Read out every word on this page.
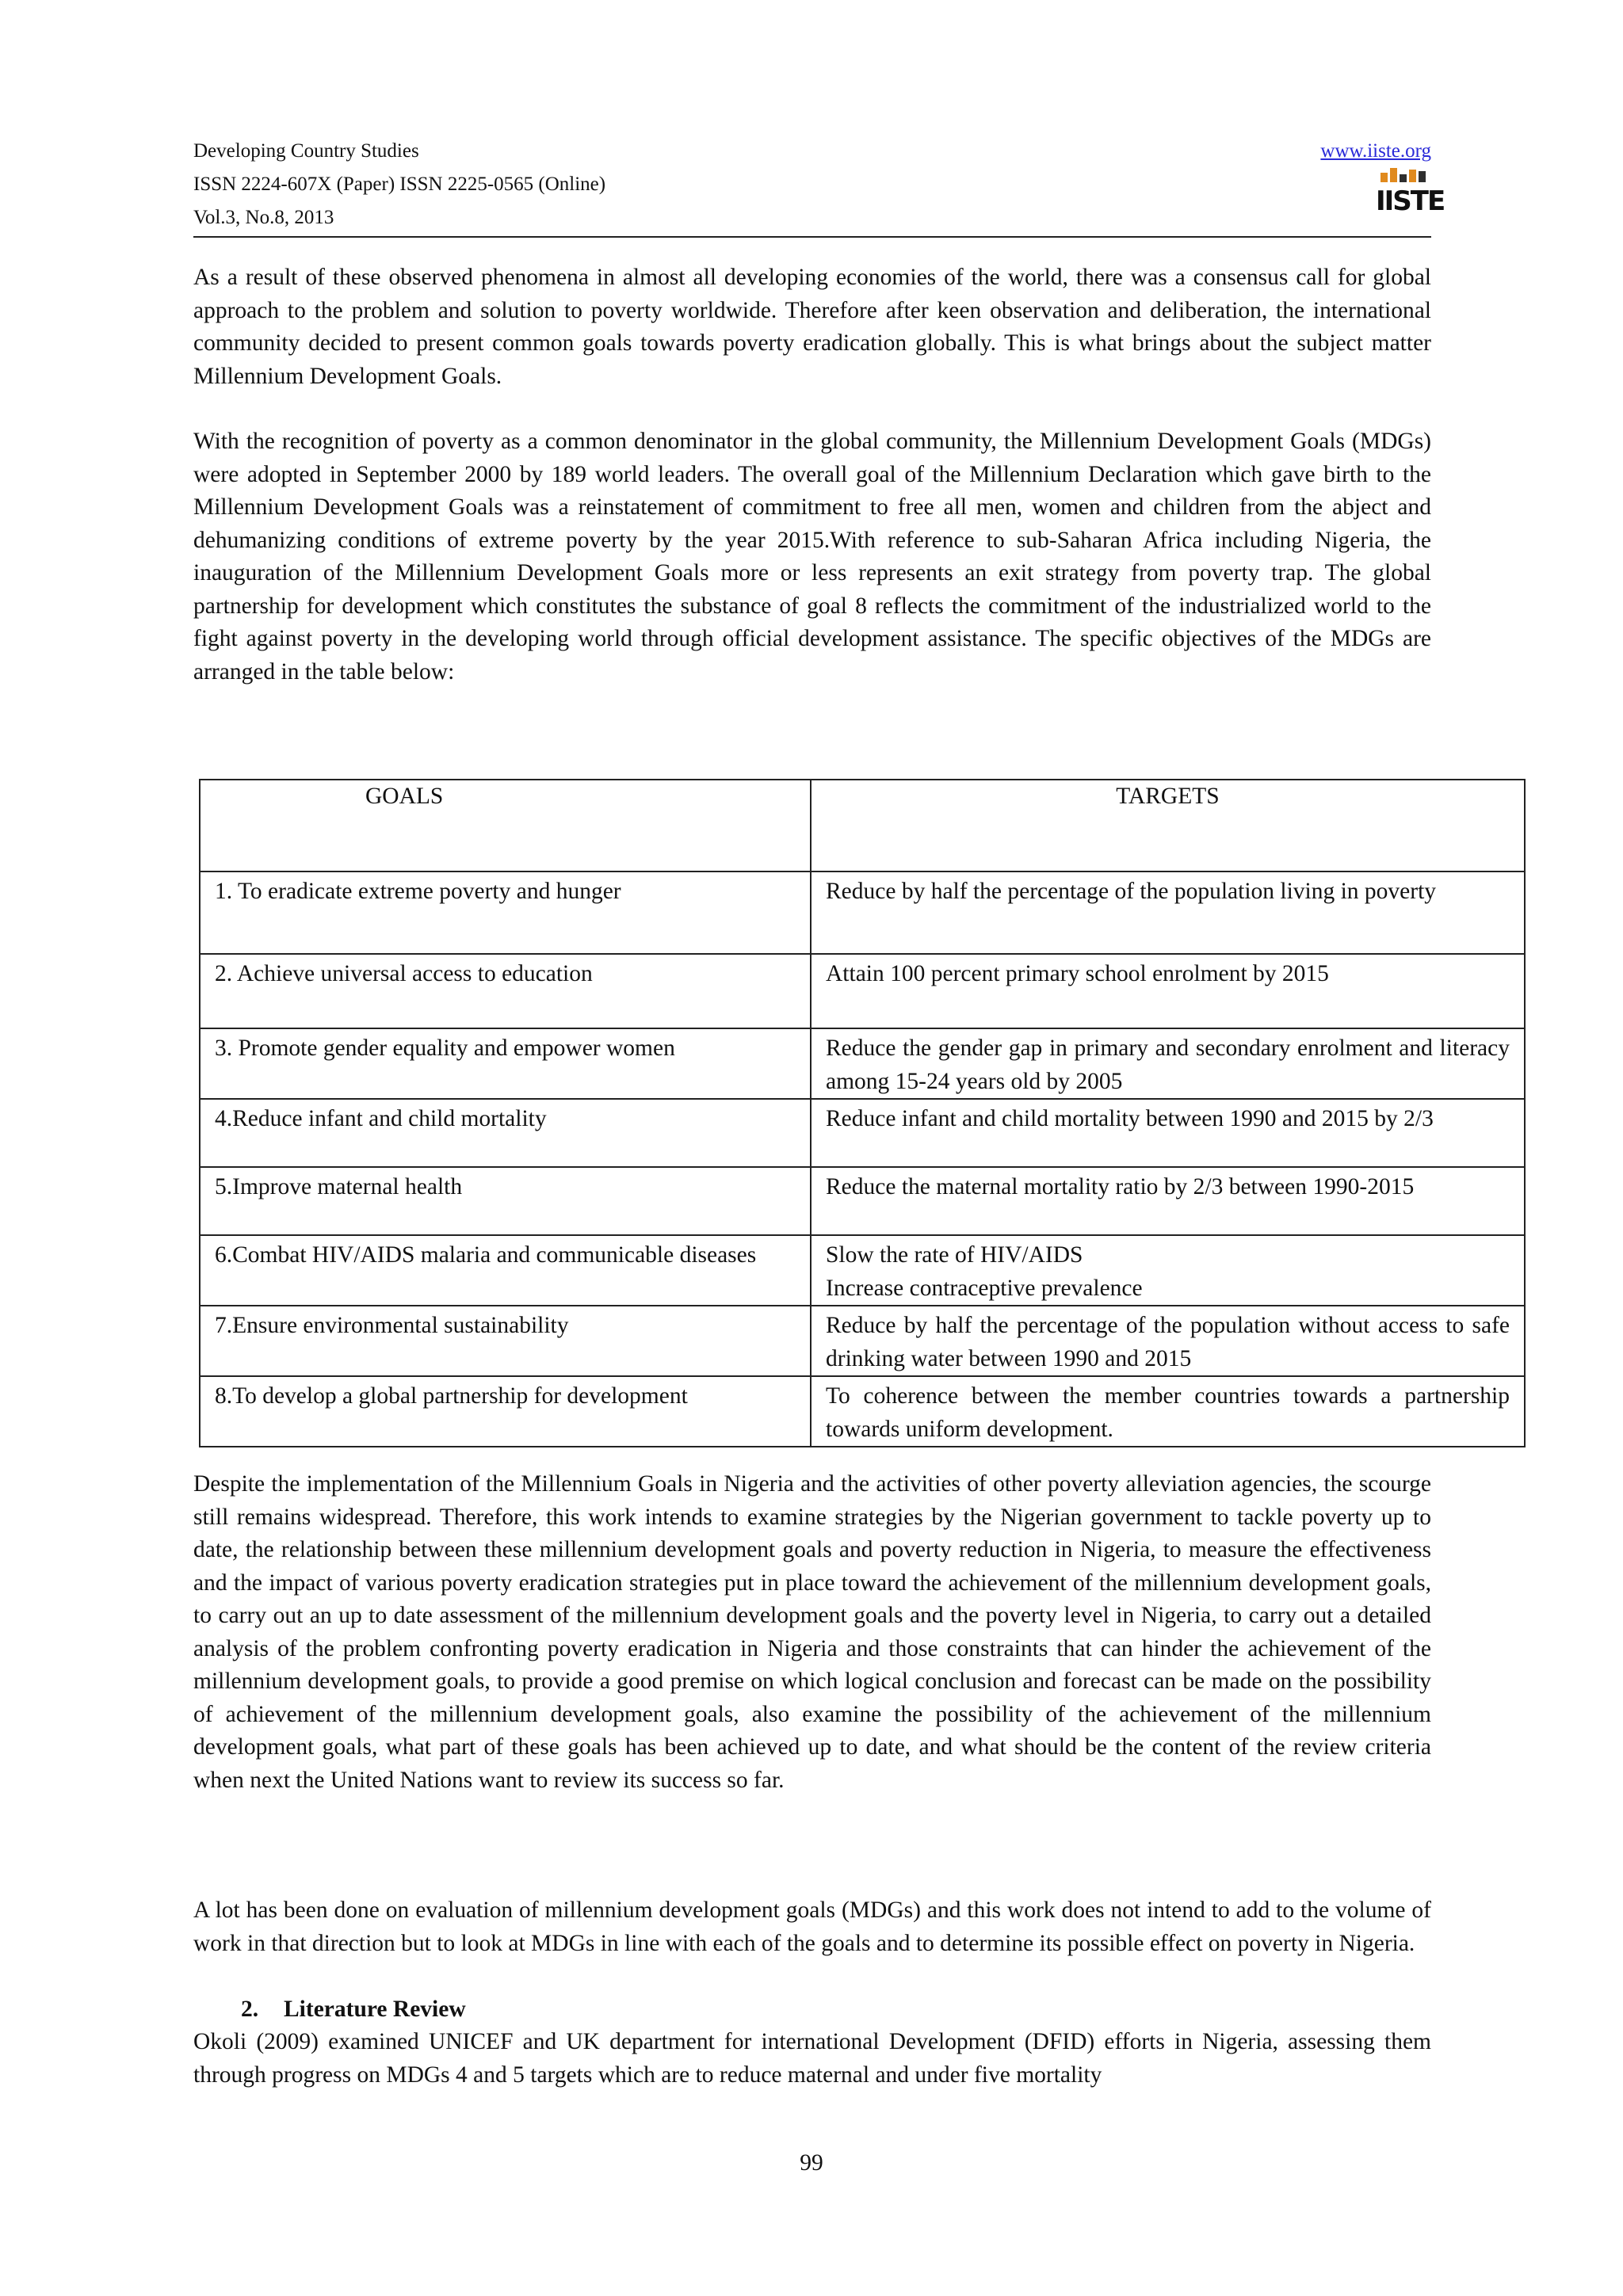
Developing Country Studies
ISSN 2224-607X (Paper) ISSN 2225-0565 (Online)
Vol.3, No.8, 2013
www.iiste.org
IISTE

As a result of these observed phenomena in almost all developing economies of the world, there was a consensus call for global approach to the problem and solution to poverty worldwide. Therefore after keen observation and deliberation, the international community decided to present common goals towards poverty eradication globally. This is what brings about the subject matter Millennium Development Goals.

With the recognition of poverty as a common denominator in the global community, the Millennium Development Goals (MDGs) were adopted in September 2000 by 189 world leaders. The overall goal of the Millennium Declaration which gave birth to the Millennium Development Goals was a reinstatement of commitment to free all men, women and children from the abject and dehumanizing conditions of extreme poverty by the year 2015.With reference to sub-Saharan Africa including Nigeria, the inauguration of the Millennium Development Goals more or less represents an exit strategy from poverty trap. The global partnership for development which constitutes the substance of goal 8 reflects the commitment of the industrialized world to the fight against poverty in the developing world through official development assistance. The specific objectives of the MDGs are arranged in the table below:

GOALS	TARGETS

1. To eradicate extreme poverty and hunger	Reduce by half the percentage of the population living in poverty
2. Achieve universal access to education	Attain 100 percent primary school enrolment by 2015
3. Promote gender equality and empower women	Reduce the gender gap in primary and secondary enrolment and literacy among 15-24 years old by 2005
4.Reduce infant and child mortality	Reduce infant and child mortality between 1990 and 2015 by 2/3
5.Improve maternal health	Reduce the maternal mortality ratio by 2/3 between 1990-2015
6.Combat HIV/AIDS malaria and communicable diseases	Slow the rate of HIV/AIDS
Increase contraceptive prevalence

7.Ensure environmental sustainability	Reduce by half the percentage of the population without access to safe drinking water between 1990 and 2015
8.To develop a global partnership for development	To coherence between the member countries towards a partnership towards uniform development.

Despite the implementation of the Millennium Goals in Nigeria and the activities of other poverty alleviation agencies, the scourge still remains widespread. Therefore, this work intends to examine strategies by the Nigerian government to tackle poverty up to date, the relationship between these millennium development goals and poverty reduction in Nigeria, to measure the effectiveness and the impact of various poverty eradication strategies put in place toward the achievement of the millennium development goals, to carry out an up to date assessment of the millennium development goals and the poverty level in Nigeria, to carry out a detailed analysis of the problem confronting poverty eradication in Nigeria and those constraints that can hinder the achievement of the millennium development goals, to provide a good premise on which logical conclusion and forecast can be made on the possibility of achievement of the millennium development goals, also examine the possibility of the achievement of the millennium development goals, what part of these goals has been achieved up to date, and what should be the content of the review criteria when next the United Nations want to review its success so far.

A lot has been done on evaluation of millennium development goals (MDGs) and this work does not intend to add to the volume of work in that direction but to look at MDGs in line with each of the goals and to determine its possible effect on poverty in Nigeria.

2. Literature Review

Okoli (2009) examined UNICEF and UK department for international Development (DFID) efforts in Nigeria, assessing them through progress on MDGs 4 and 5 targets which are to reduce maternal and under five mortality

99
